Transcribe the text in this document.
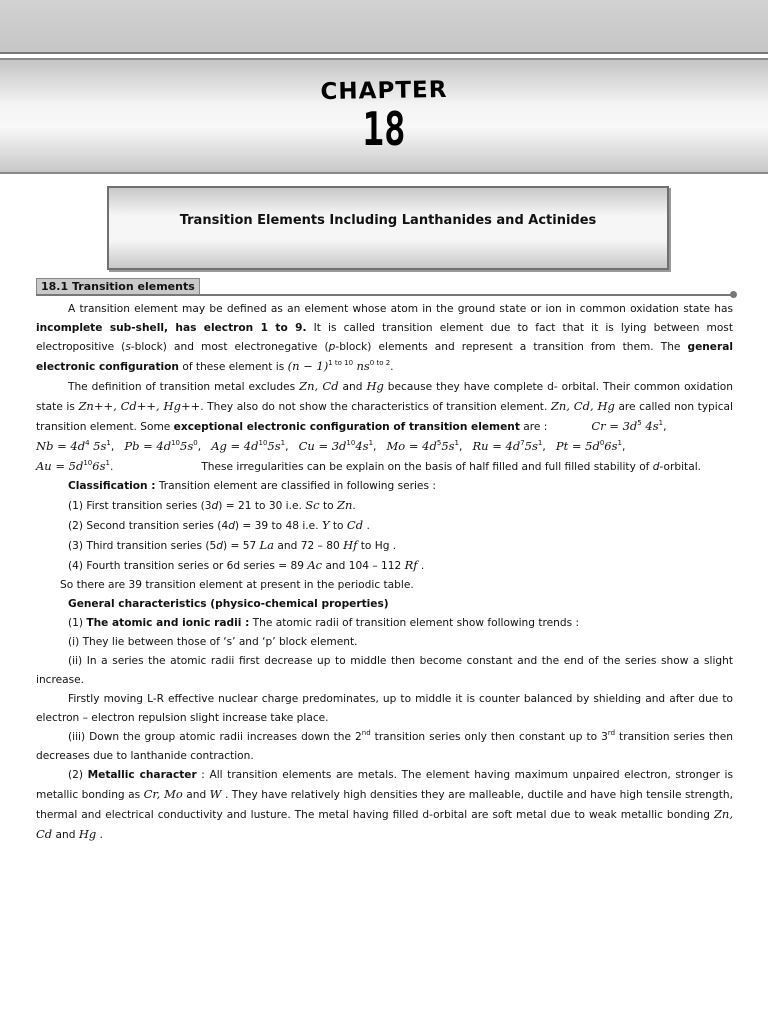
CHAPTER
18
Transition Elements Including Lanthanides and Actinides
18.1 Transition elements

A transition element may be defined as an element whose atom in the ground state or ion in common oxidation state has incomplete sub-shell, has electron 1 to 9. It is called transition element due to fact that it is lying between most electropositive (s-block) and most electronegative (p-block) elements and represent a transition from them. The general electronic configuration of these element is $(n - 1)^{1 to 10}$ $ns^{0 to 2}$.

The definition of transition metal excludes Zn, Cd and Hg because they have complete d- orbital. Their common oxidation state is Zn++, Cd++, Hg++. They also do not show the characteristics of transition element. Zn, Cd, Hg are called non typical transition element. Some exceptional electronic configuration of transition element are :	$Cr = 3d^5$ $4s^1$,

$Nb = 4d^4$ $5s^1$,   $Pb = 4d^{10}5s^0$,   $Ag = 4d^{10}5s^1$,   $Cu = 3d^{10}4s^1$,   $Mo = 4d^55s^1$,   $Ru = 4d^75s^1$,   $Pt = 5d^06s^1$,
$Au = 5d^{10}6s^1$.	These irregularities can be explain on the basis of half filled and full filled stability of d-orbital.

Classification : Transition element are classified in following series :

(1) First transition series (3d) = 21 to 30 i.e. Sc to Zn.

(2) Second transition series (4d) = 39 to 48 i.e. Y to Cd .

(3) Third transition series (5d) = 57 La and 72 – 80 Hf to Hg .

(4) Fourth transition series or 6d series = 89 Ac and 104 – 112 Rf .

So there are 39 transition element at present in the periodic table.

General characteristics (physico-chemical properties)

(1) The atomic and ionic radii : The atomic radii of transition element show following trends :

(i) They lie between those of ‘s’ and ‘p’ block element.

(ii) In a series the atomic radii first decrease up to middle then become constant and the end of the series show a slight increase.

Firstly moving L-R effective nuclear charge predominates, up to middle it is counter balanced by shielding and after due to electron – electron repulsion slight increase take place.

(iii) Down the group atomic radii increases down the 2nd transition series only then constant up to 3rd transition series then decreases due to lanthanide contraction.

(2) Metallic character : All transition elements are metals. The element having maximum unpaired electron, stronger is metallic bonding as Cr, Mo and W . They have relatively high densities they are malleable, ductile and have high tensile strength, thermal and electrical conductivity and lusture. The metal having filled d-orbital are soft metal due to weak metallic bonding Zn, Cd and Hg .
